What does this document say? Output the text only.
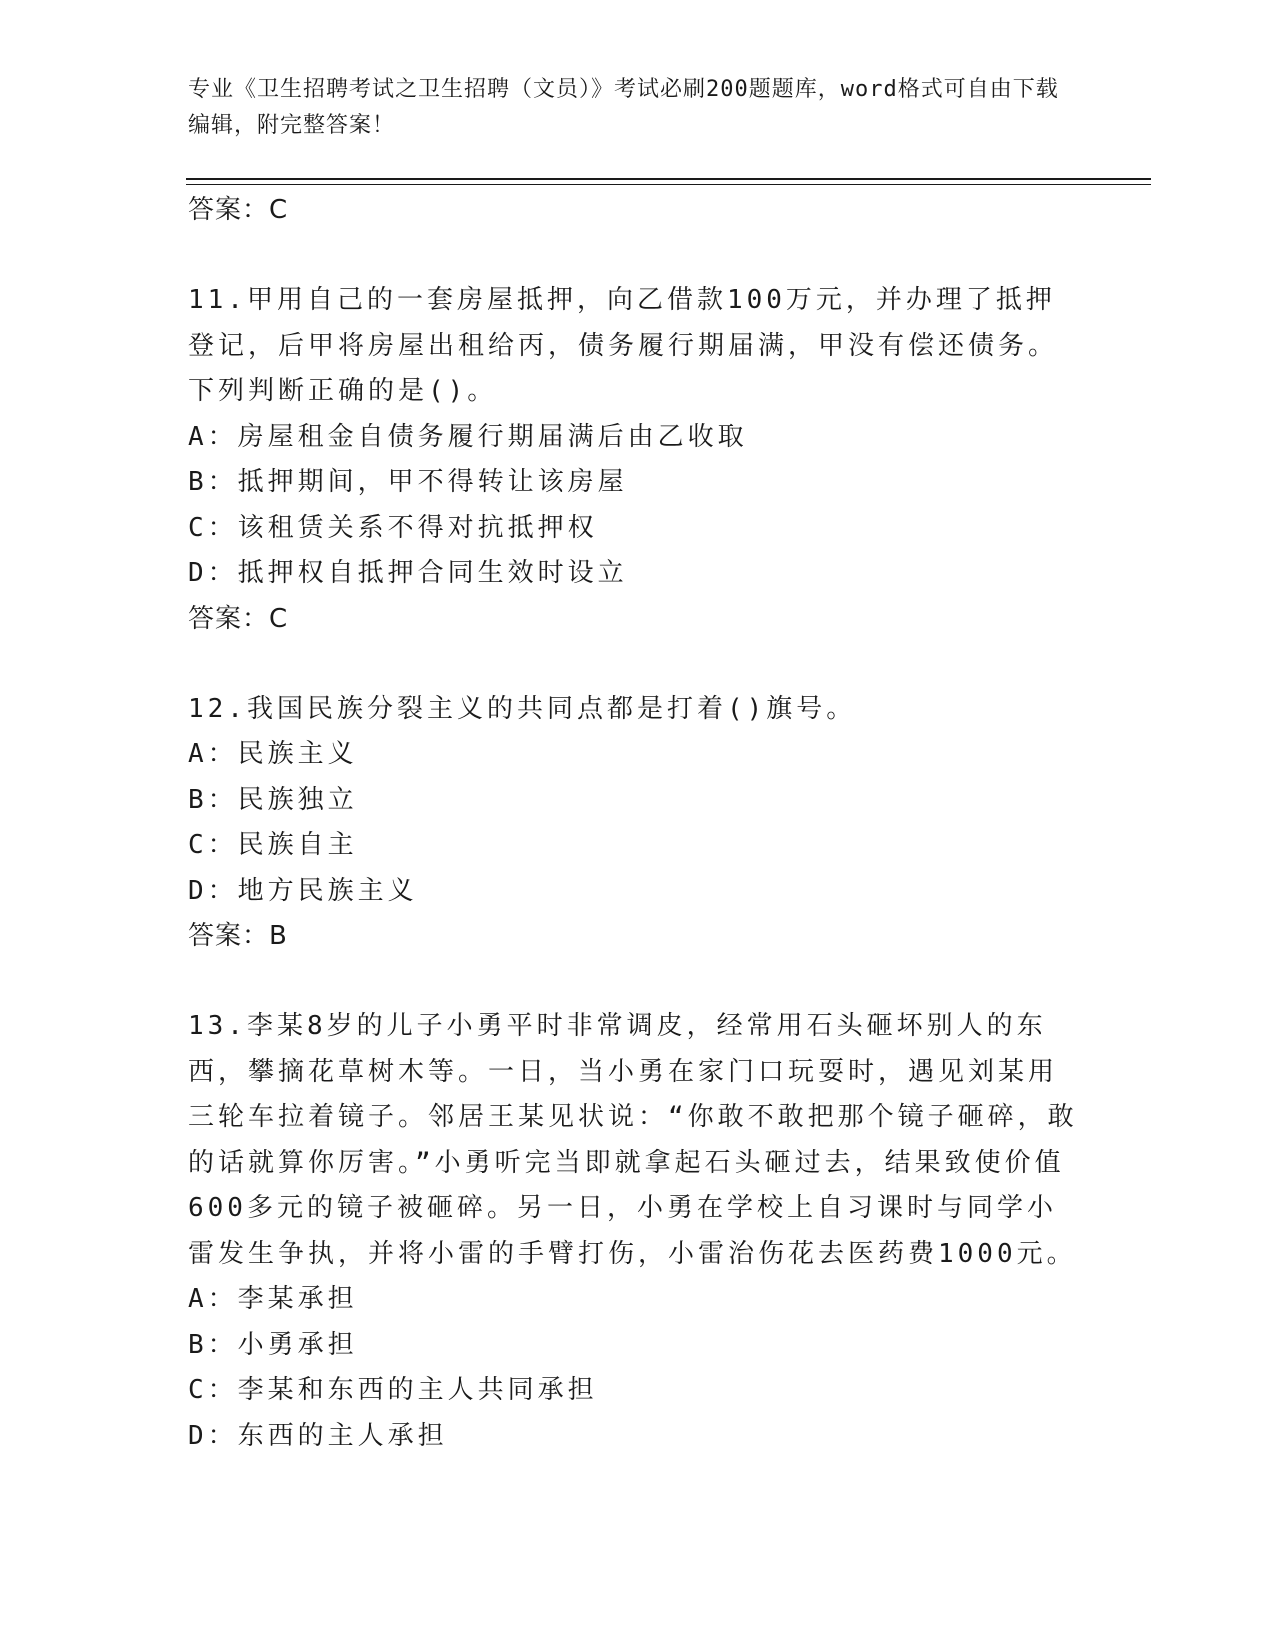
专业《卫生招聘考试之卫生招聘（文员）》考试必刷200题题库，word格式可自由下载编辑，附完整答案！

答案：C

11.甲用自己的一套房屋抵押，向乙借款100万元，并办理了抵押登记，后甲将房屋出租给丙，债务履行期届满，甲没有偿还债务。下列判断正确的是()。

A：房屋租金自债务履行期届满后由乙收取

B：抵押期间，甲不得转让该房屋

C：该租赁关系不得对抗抵押权

D：抵押权自抵押合同生效时设立

答案：C

12.我国民族分裂主义的共同点都是打着()旗号。

A：民族主义

B：民族独立

C：民族自主

D：地方民族主义

答案：B

13.李某8岁的儿子小勇平时非常调皮，经常用石头砸坏别人的东西，攀摘花草树木等。一日，当小勇在家门口玩耍时，遇见刘某用三轮车拉着镜子。邻居王某见状说：“你敢不敢把那个镜子砸碎，敢的话就算你厉害。”小勇听完当即就拿起石头砸过去，结果致使价值600多元的镜子被砸碎。另一日，小勇在学校上自习课时与同学小雷发生争执，并将小雷的手臂打伤，小雷治伤花去医药费1000元。

A：李某承担

B：小勇承担

C：李某和东西的主人共同承担

D：东西的主人承担
